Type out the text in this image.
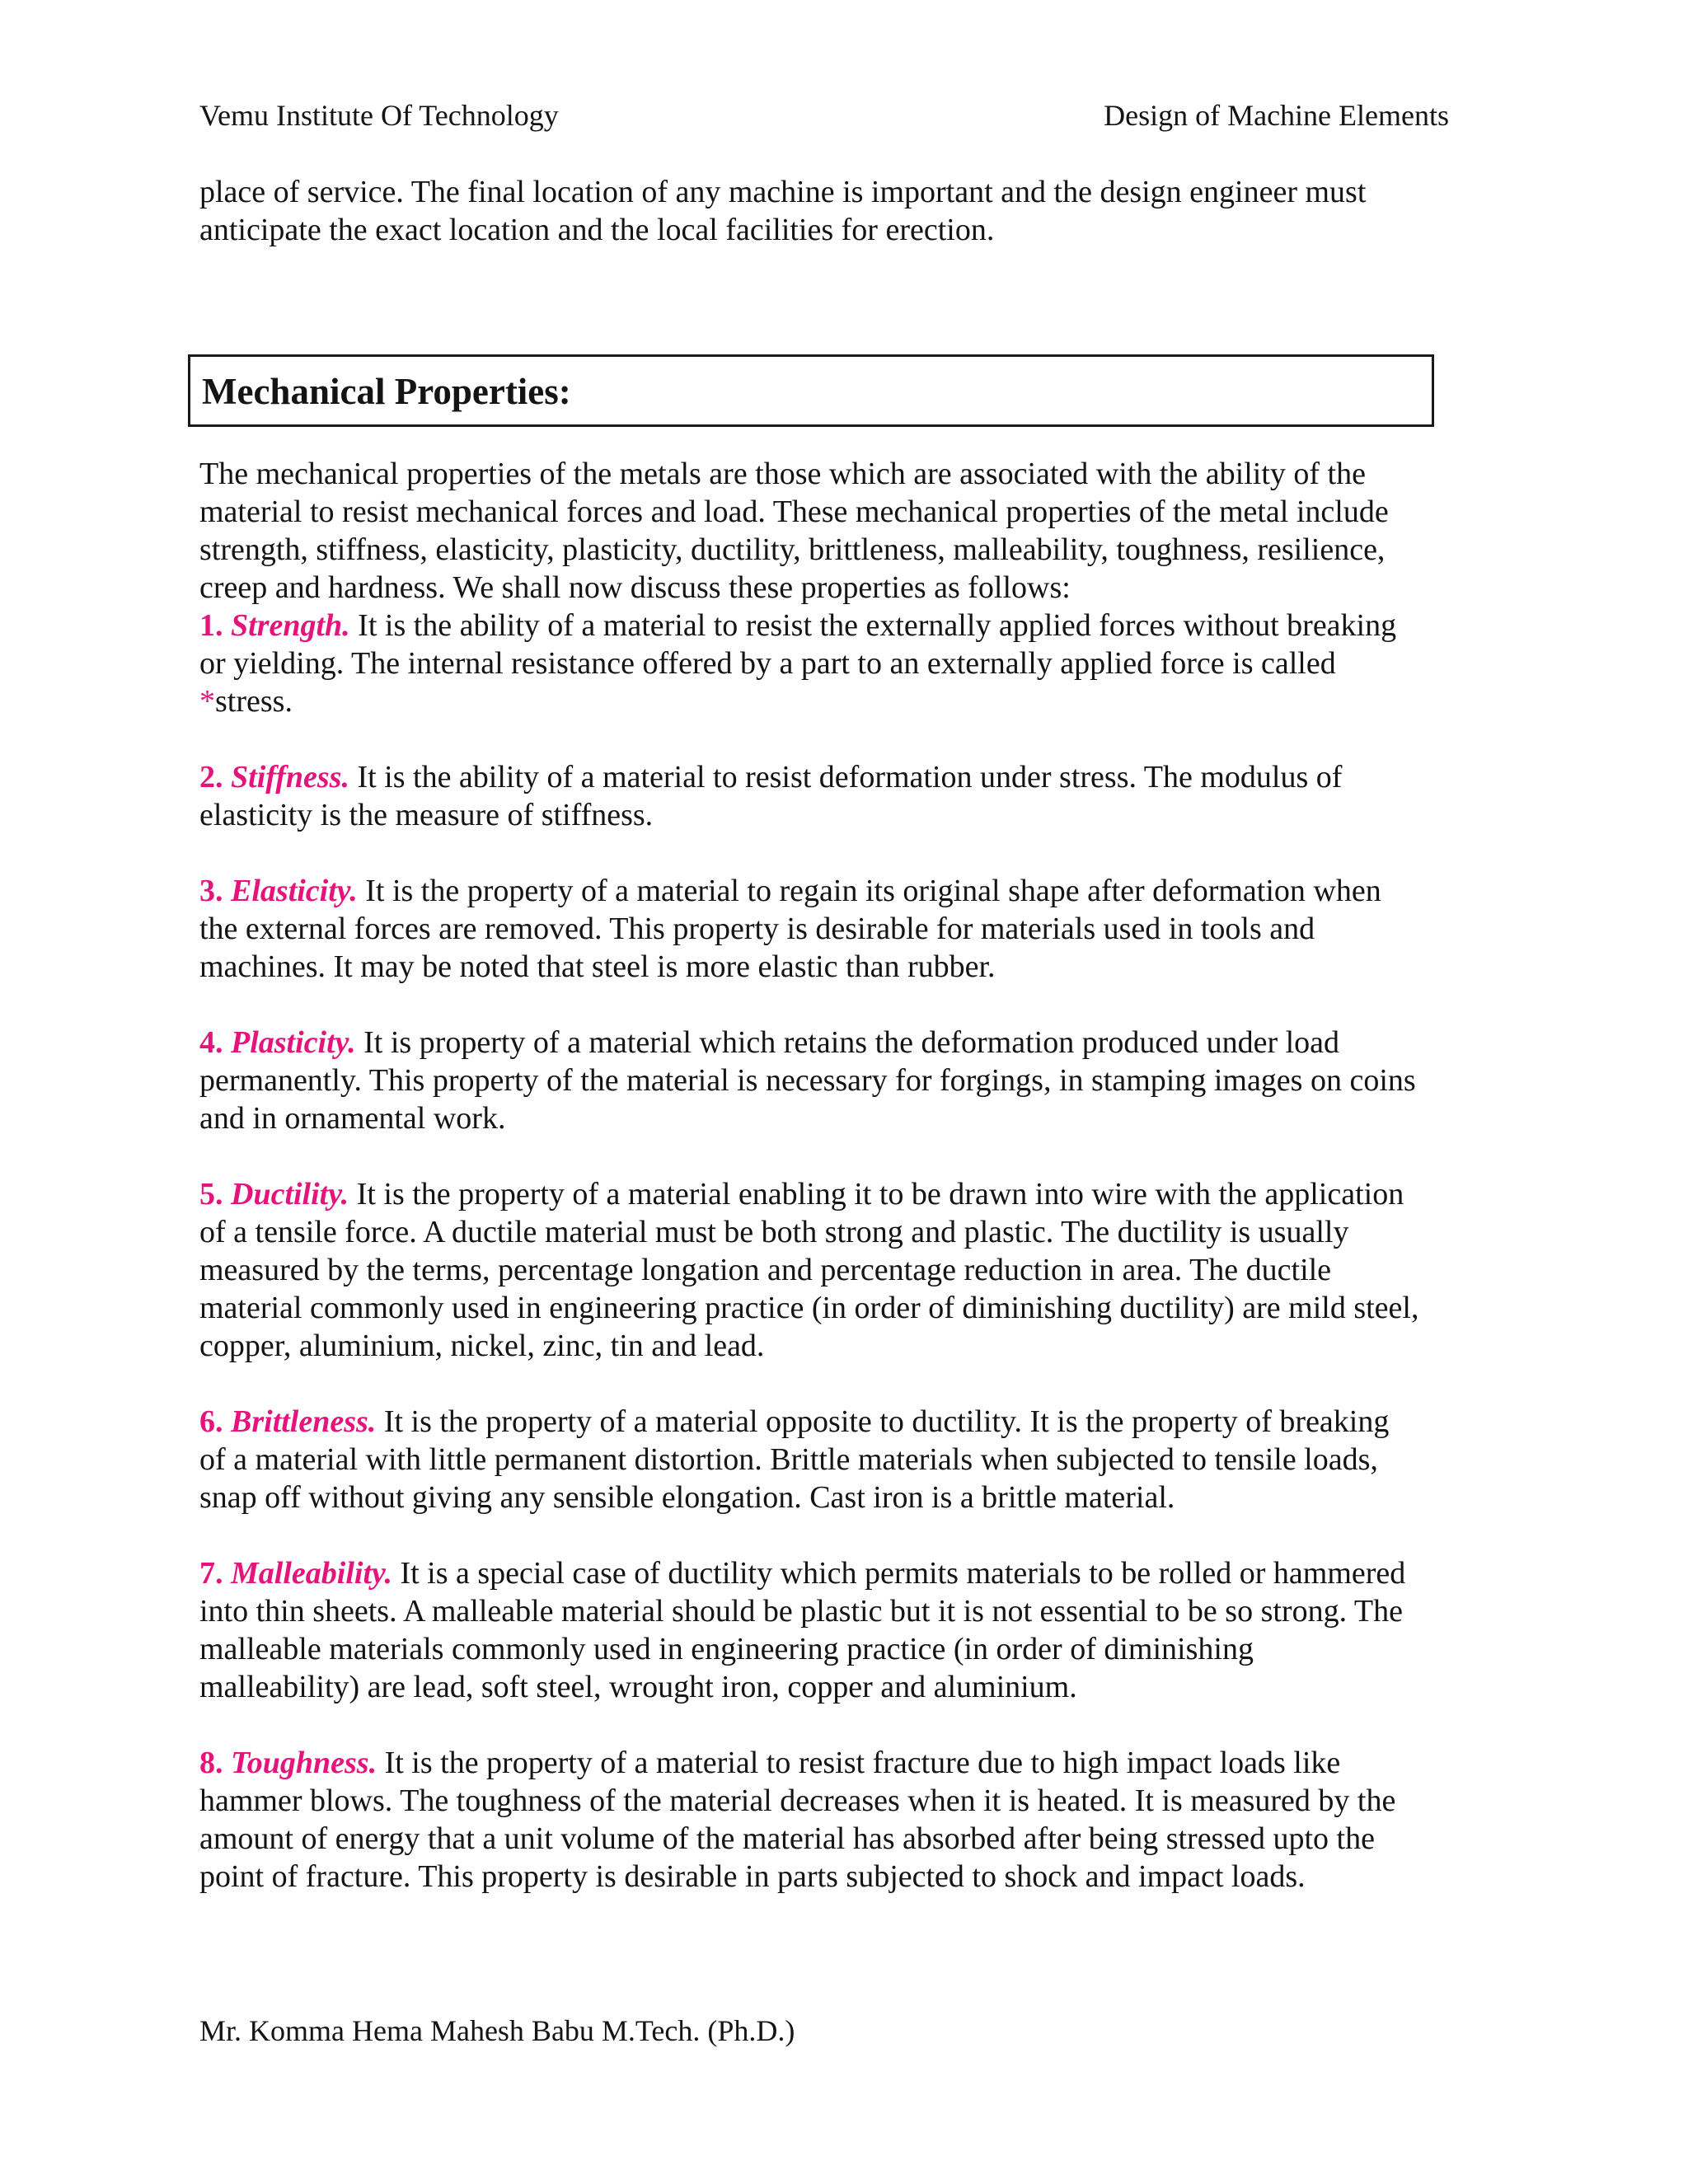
Vemu Institute Of Technology	Design of Machine Elements
place of service. The final location of any machine is important and the design engineer must
anticipate the exact location and the local facilities for erection.
Mechanical Properties:
The mechanical properties of the metals are those which are associated with the ability of the
material to resist mechanical forces and load. These mechanical properties of the metal include
strength, stiffness, elasticity, plasticity, ductility, brittleness, malleability, toughness, resilience,
creep and hardness. We shall now discuss these properties as follows:
1. Strength. It is the ability of a material to resist the externally applied forces without breaking
or yielding. The internal resistance offered by a part to an externally applied force is called
*stress.
2. Stiffness. It is the ability of a material to resist deformation under stress. The modulus of
elasticity is the measure of stiffness.
3. Elasticity. It is the property of a material to regain its original shape after deformation when
the external forces are removed. This property is desirable for materials used in tools and
machines. It may be noted that steel is more elastic than rubber.
4. Plasticity. It is property of a material which retains the deformation produced under load
permanently. This property of the material is necessary for forgings, in stamping images on coins
and in ornamental work.
5. Ductility. It is the property of a material enabling it to be drawn into wire with the application
of a tensile force. A ductile material must be both strong and plastic. The ductility is usually
measured by the terms, percentage longation and percentage reduction in area. The ductile
material commonly used in engineering practice (in order of diminishing ductility) are mild steel,
copper, aluminium, nickel, zinc, tin and lead.
6. Brittleness. It is the property of a material opposite to ductility. It is the property of breaking
of a material with little permanent distortion. Brittle materials when subjected to tensile loads,
snap off without giving any sensible elongation. Cast iron is a brittle material.
7. Malleability. It is a special case of ductility which permits materials to be rolled or hammered
into thin sheets. A malleable material should be plastic but it is not essential to be so strong. The
malleable materials commonly used in engineering practice (in order of diminishing
malleability) are lead, soft steel, wrought iron, copper and aluminium.
8. Toughness. It is the property of a material to resist fracture due to high impact loads like
hammer blows. The toughness of the material decreases when it is heated. It is measured by the
amount of energy that a unit volume of the material has absorbed after being stressed upto the
point of fracture. This property is desirable in parts subjected to shock and impact loads.
Mr. Komma Hema Mahesh Babu M.Tech. (Ph.D.)
